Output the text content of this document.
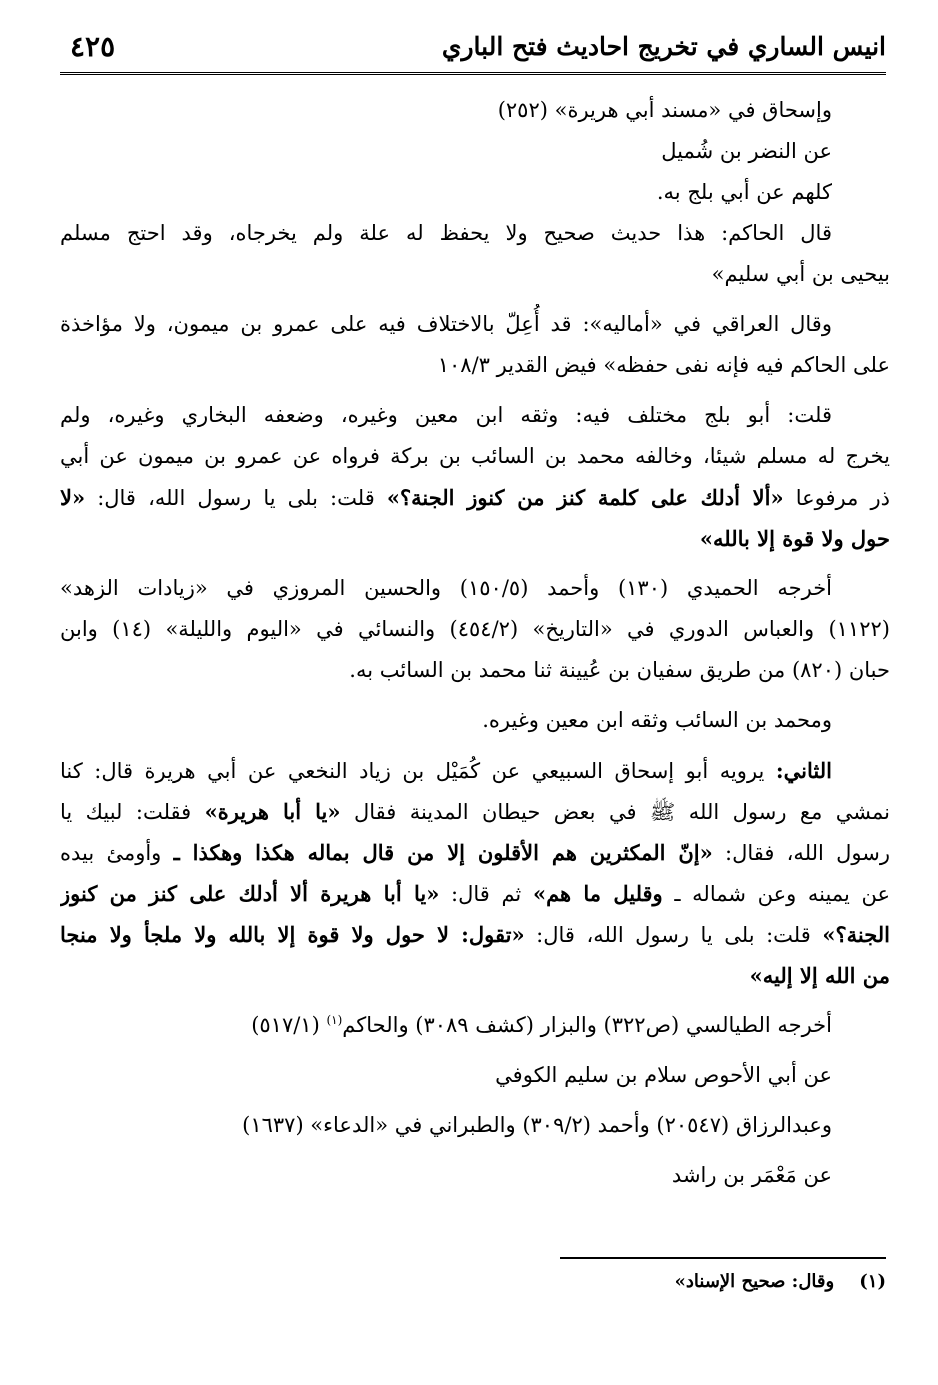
انيس الساري في تخريج احاديث فتح الباري
٤٢٥
وإسحاق في «مسند أبي هريرة» (٢٥٢)
عن النضر بن شُميل
كلهم عن أبي بلج به.
قال الحاكم: هذا حديث صحيح ولا يحفظ له علة ولم يخرجاه، وقد احتج مسلم
بيحيى بن أبي سليم»
وقال العراقي في «أماليه»: قد أُعِلّ بالاختلاف فيه على عمرو بن ميمون، ولا مؤاخذة
على الحاكم فيه فإنه نفى حفظه» فيض القدير ١٠٨/٣
قلت: أبو بلج مختلف فيه: وثقه ابن معين وغيره، وضعفه البخاري وغيره، ولم
يخرج له مسلم شيئا، وخالفه محمد بن السائب بن بركة فرواه عن عمرو بن ميمون عن أبي
ذر مرفوعا «ألا أدلك على كلمة كنز من كنوز الجنة؟» قلت: بلى يا رسول الله، قال: «لا
حول ولا قوة إلا بالله»
أخرجه الحميدي (١٣٠) وأحمد (١٥٠/٥) والحسين المروزي في «زيادات الزهد»
(١١٢٢) والعباس الدوري في «التاريخ» (٤٥٤/٢) والنسائي في «اليوم والليلة» (١٤) وابن
حبان (٨٢٠) من طريق سفيان بن عُيينة ثنا محمد بن السائب به.
ومحمد بن السائب وثقه ابن معين وغيره.
الثاني: يرويه أبو إسحاق السبيعي عن كُمَيْل بن زياد النخعي عن أبي هريرة قال: كنا
نمشي مع رسول الله ﷺ في بعض حيطان المدينة فقال «يا أبا هريرة» فقلت: لبيك يا
رسول الله، فقال: «إنّ المكثرين هم الأقلون إلا من قال بماله هكذا وهكذا ـ وأومئ بيده
عن يمينه وعن شماله ـ وقليل ما هم» ثم قال: «يا أبا هريرة ألا أدلك على كنز من كنوز
الجنة؟» قلت: بلى يا رسول الله، قال: «تقول: لا حول ولا قوة إلا بالله ولا ملجأ ولا منجا
من الله إلا إليه»
أخرجه الطيالسي (ص٣٢٢) والبزار (كشف ٣٠٨٩) والحاكم$^{(١)}$ (٥١٧/١)
عن أبي الأحوص سلام بن سليم الكوفي
وعبدالرزاق (٢٠٥٤٧) وأحمد (٣٠٩/٢) والطبراني في «الدعاء» (١٦٣٧)
عن مَعْمَر بن راشد
(١)    وقال: صحيح الإسناد»
